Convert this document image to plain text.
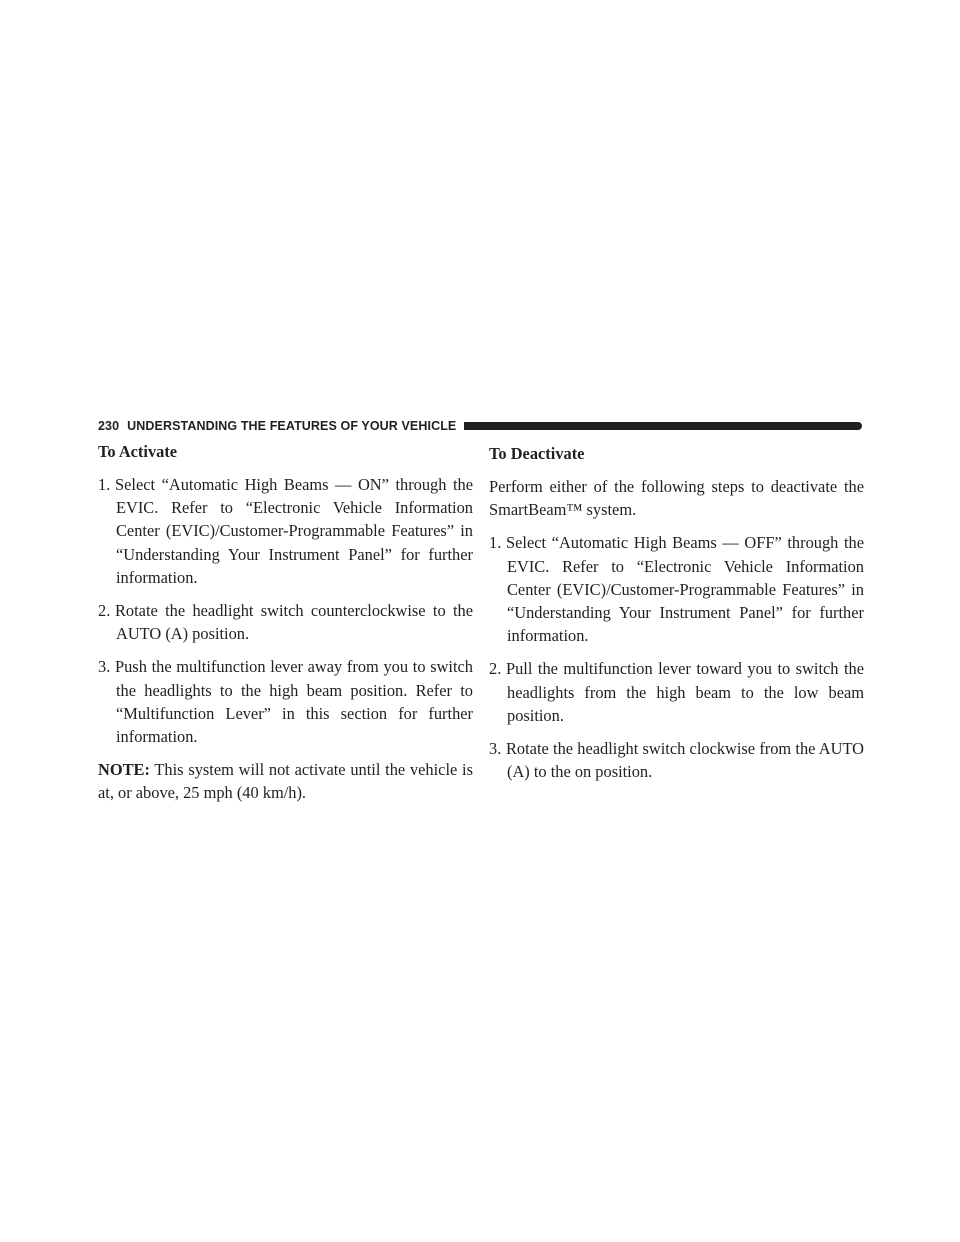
230 UNDERSTANDING THE FEATURES OF YOUR VEHICLE
To Activate
1. Select “Automatic High Beams — ON” through the EVIC. Refer to “Electronic Vehicle Information Center (EVIC)/Customer-Programmable Features” in “Understanding Your Instrument Panel” for further information.
2. Rotate the headlight switch counterclockwise to the AUTO (A) position.
3. Push the multifunction lever away from you to switch the headlights to the high beam position. Refer to “Multifunction Lever” in this section for further information.

NOTE: This system will not activate until the vehicle is at, or above, 25 mph (40 km/h).

To Deactivate

Perform either of the following steps to deactivate the SmartBeam™ system.

1. Select “Automatic High Beams — OFF” through the EVIC. Refer to “Electronic Vehicle Information Center (EVIC)/Customer-Programmable Features” in “Understanding Your Instrument Panel” for further information.
2. Pull the multifunction lever toward you to switch the headlights from the high beam to the low beam position.
3. Rotate the headlight switch clockwise from the AUTO (A) to the on position.
